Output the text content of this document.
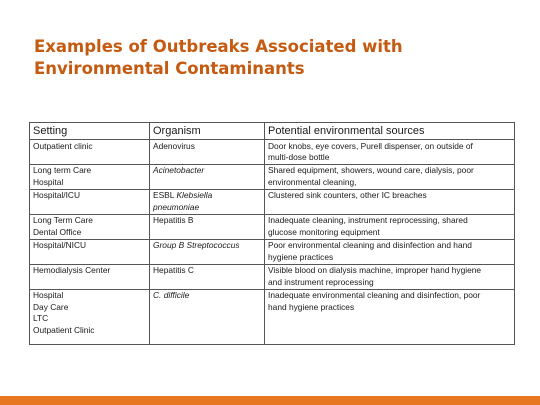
Examples of Outbreaks Associated with
Environmental Contaminants
Setting	Organism	Potential environmental sources

Outpatient clinic	Adenovirus	Door knobs, eye covers, Purell dispenser, on outside of
multi-dose bottle

Long term Care
Hospital	Acinetobacter	Shared equipment, showers, wound care, dialysis, poor
environmental cleaning,

Hospital/ICU	ESBL Klebsiella
pneumoniae	Clustered sink counters, other IC breaches

Long Term Care
Dental Office	Hepatitis B	Inadequate cleaning, instrument reprocessing, shared
glucose monitoring equipment

Hospital/NICU	Group B Streptococcus	Poor environmental cleaning and disinfection and hand
hygiene practices

Hemodialysis Center	Hepatitis C	Visible blood on dialysis machine, improper hand hygiene
and instrument reprocessing

Hospital
Day Care
LTC
Outpatient Clinic	C. difficile	Inadequate environmental cleaning and disinfection, poor
hand hygiene practices
